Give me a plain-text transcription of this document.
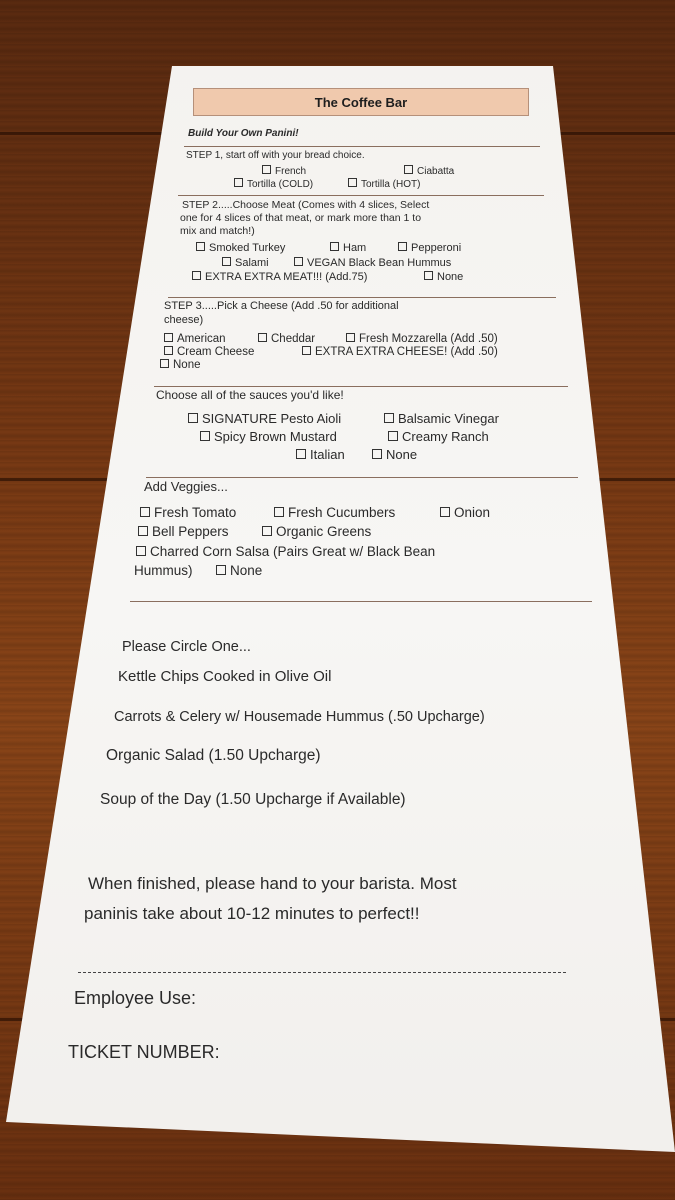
The Coffee Bar
Build Your Own Panini!
STEP 1, start off with your bread choice.
French	Ciabatta
Tortilla (COLD)	Tortilla (HOT)
STEP 2.....Choose Meat (Comes with 4 slices, Select
one for 4 slices of that meat, or mark more than 1 to
mix and match!)
Smoked Turkey	Ham	Pepperoni
Salami	VEGAN Black Bean Hummus
EXTRA EXTRA MEAT!!! (Add.75)	None
STEP 3.....Pick a Cheese (Add .50 for additional
cheese)
American	Cheddar	Fresh Mozzarella (Add .50)
Cream Cheese	EXTRA EXTRA CHEESE! (Add .50)
None
Choose all of the sauces you'd like!
SIGNATURE Pesto Aioli	Balsamic Vinegar
Spicy Brown Mustard	Creamy Ranch
Italian	None
Add Veggies...
Fresh Tomato	Fresh Cucumbers	Onion
Bell Peppers	Organic Greens
Charred Corn Salsa (Pairs Great w/ Black Bean
Hummus)	None
Please Circle One...
Kettle Chips Cooked in Olive Oil
Carrots & Celery w/ Housemade Hummus (.50 Upcharge)
Organic Salad (1.50 Upcharge)
Soup of the Day (1.50 Upcharge if Available)
When finished, please hand to your barista. Most
paninis take about 10-12 minutes to perfect!!
Employee Use:
TICKET NUMBER:
